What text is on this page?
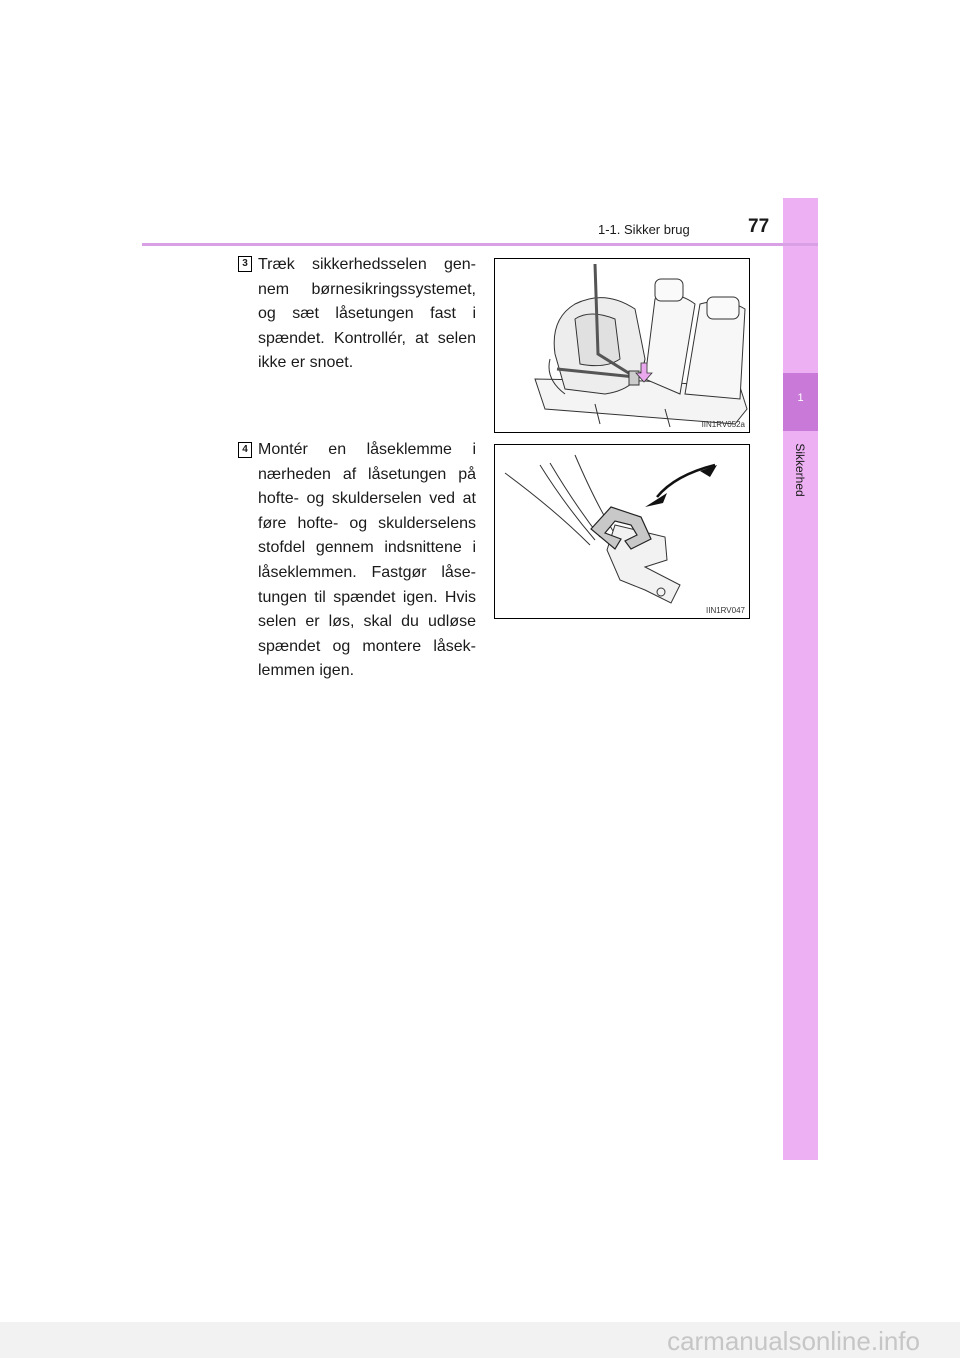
1
Sikkerhed
1-1. Sikker brug	77
3 Træk sikkerhedsselen gen-nem børnesikringssystemet, og sæt låsetungen fast i spændet. Kontrollér, at selen ikke er snoet.
IIN1RV052a
4 Montér en låseklemme i nærheden af låsetungen på hofte- og skulderselen ved at føre hofte- og skulderselens stofdel gennem indsnittene i låseklemmen. Fastgør låse-tungen til spændet igen. Hvis selen er løs, skal du udløse spændet og montere låsek-lemmen igen.
IIN1RV047
carmanualsonline.info
